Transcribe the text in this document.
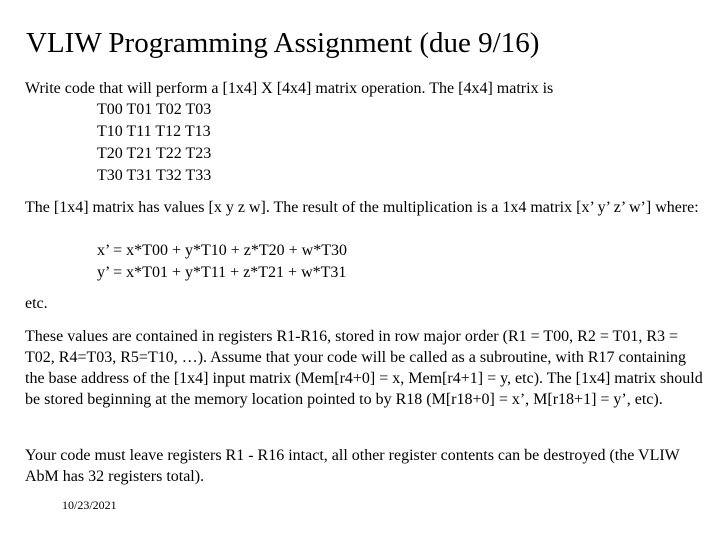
VLIW Programming Assignment (due 9/16)
Write code that will perform a [1x4] X [4x4] matrix operation. The [4x4] matrix is
T00 T01 T02 T03
T10 T11 T12 T13
T20 T21 T22 T23
T30 T31 T32 T33
The [1x4] matrix has values [x y z w]. The result of the multiplication is a 1x4 matrix [x’ y’ z’ w’] where:
x’ = x*T00 + y*T10 + z*T20 + w*T30
y’ = x*T01 + y*T11 + z*T21 + w*T31
etc.
These values are contained in registers R1-R16, stored in row major order (R1 = T00, R2 = T01, R3 = T02, R4=T03, R5=T10, …). Assume that your code will be called as a subroutine, with R17 containing the base address of the [1x4] input matrix (Mem[r4+0] = x, Mem[r4+1] = y, etc). The [1x4] matrix should be stored beginning at the memory location pointed to by R18 (M[r18+0] = x’, M[r18+1] = y’, etc).
Your code must leave registers R1 - R16 intact, all other register contents can be destroyed (the VLIW AbM has 32 registers total).
10/23/2021
